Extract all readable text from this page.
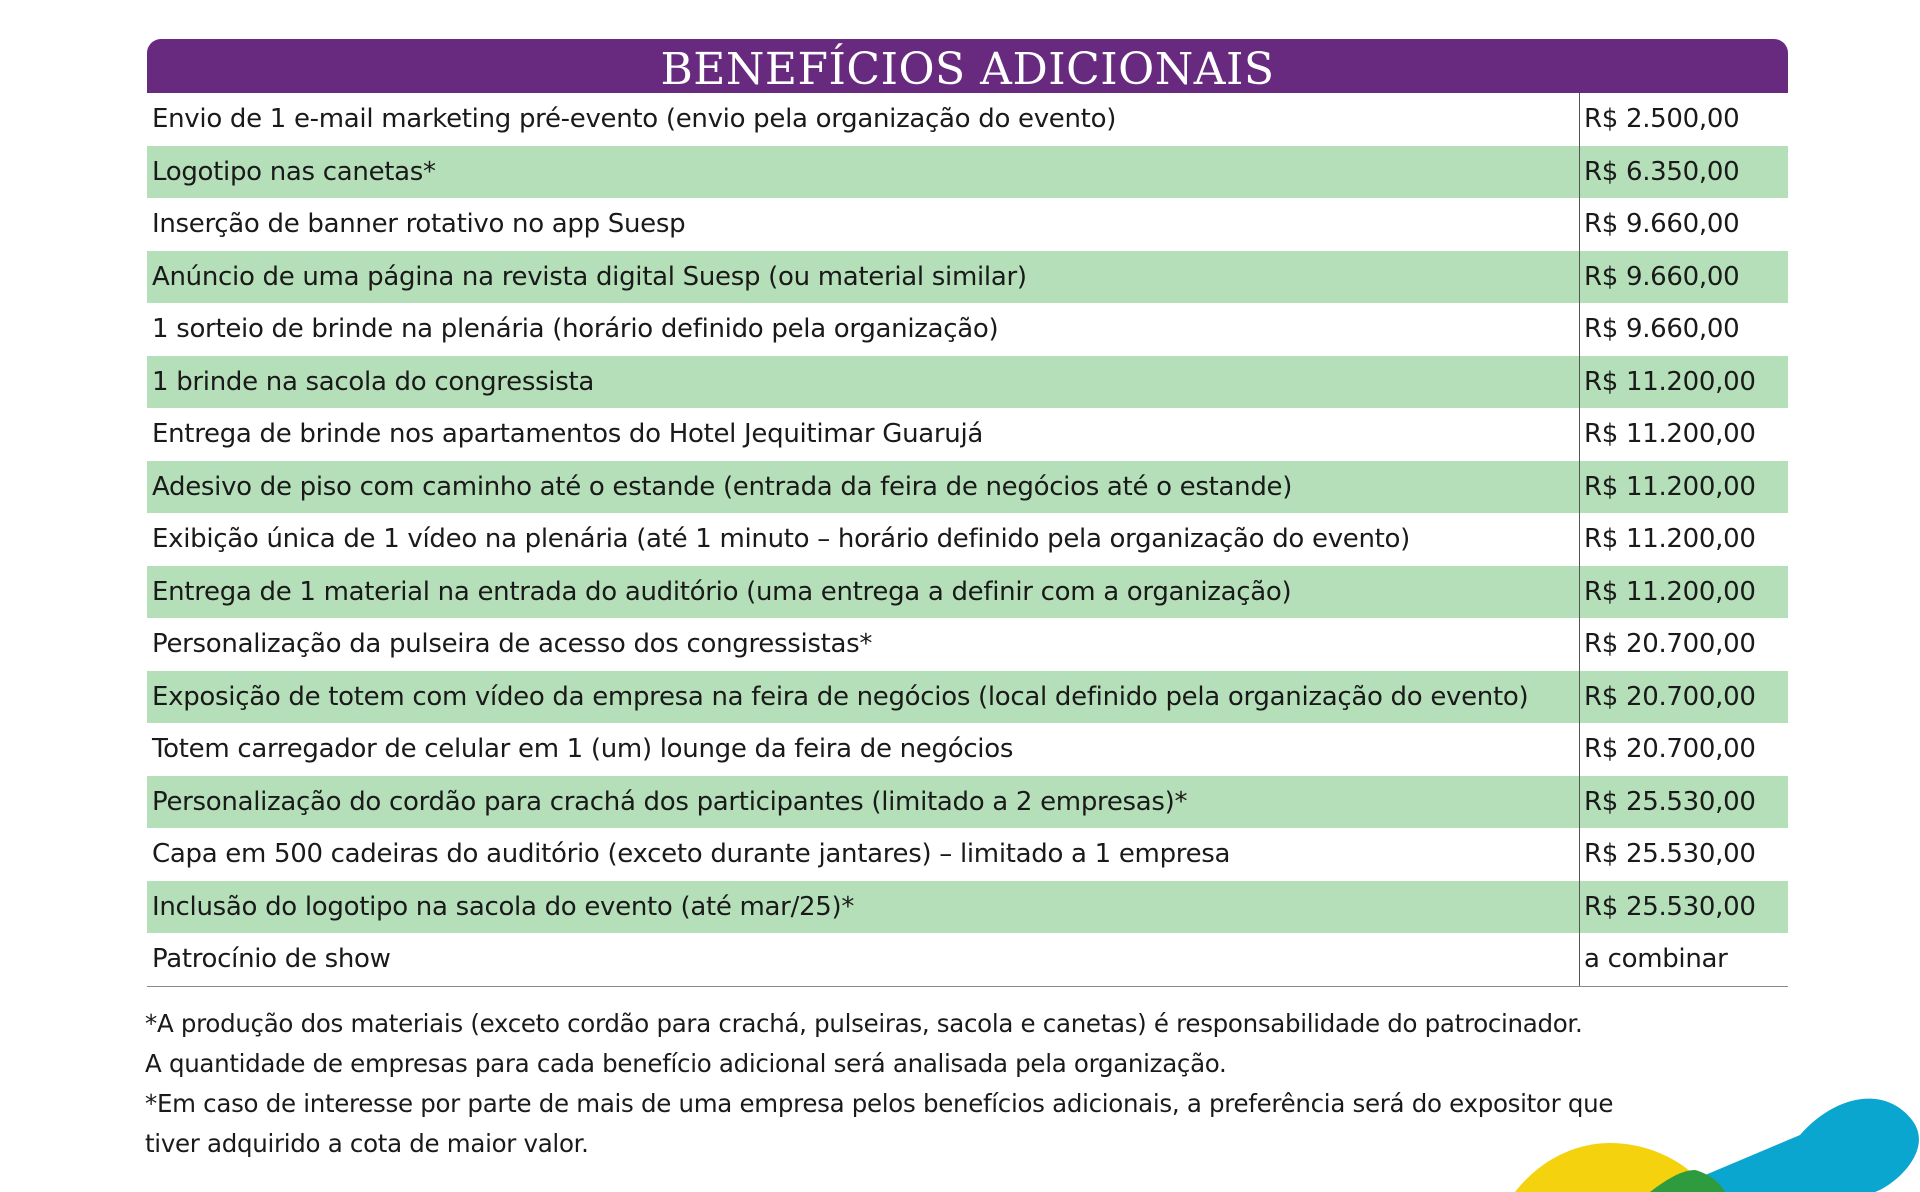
BENEFÍCIOS ADICIONAIS
Envio de 1 e-mail marketing pré-evento (envio pela organização do evento)	R$ 2.500,00
Logotipo nas canetas*	R$ 6.350,00
Inserção de banner rotativo no app Suesp	R$ 9.660,00
Anúncio de uma página na revista digital Suesp (ou material similar)	R$ 9.660,00
1 sorteio de brinde na plenária (horário definido pela organização)	R$ 9.660,00
1 brinde na sacola do congressista	R$ 11.200,00
Entrega de brinde nos apartamentos do Hotel Jequitimar Guarujá	R$ 11.200,00
Adesivo de piso com caminho até o estande (entrada da feira de negócios até o estande)	R$ 11.200,00
Exibição única de 1 vídeo na plenária (até 1 minuto – horário definido pela organização do evento)	R$ 11.200,00
Entrega de 1 material na entrada do auditório (uma entrega a definir com a organização)	R$ 11.200,00
Personalização da pulseira de acesso dos congressistas*	R$ 20.700,00
Exposição de totem com vídeo da empresa na feira de negócios (local definido pela organização do evento)	R$ 20.700,00
Totem carregador de celular em 1 (um) lounge da feira de negócios	R$ 20.700,00
Personalização do cordão para crachá dos participantes (limitado a 2 empresas)*	R$ 25.530,00
Capa em 500 cadeiras do auditório (exceto durante jantares) – limitado a 1 empresa	R$ 25.530,00
Inclusão do logotipo na sacola do evento (até mar/25)*	R$ 25.530,00
Patrocínio de show	a combinar
*A produção dos materiais (exceto cordão para crachá, pulseiras, sacola e canetas) é responsabilidade do patrocinador.
A quantidade de empresas para cada benefício adicional será analisada pela organização.
*Em caso de interesse por parte de mais de uma empresa pelos benefícios adicionais, a preferência será do expositor que
tiver adquirido a cota de maior valor.
